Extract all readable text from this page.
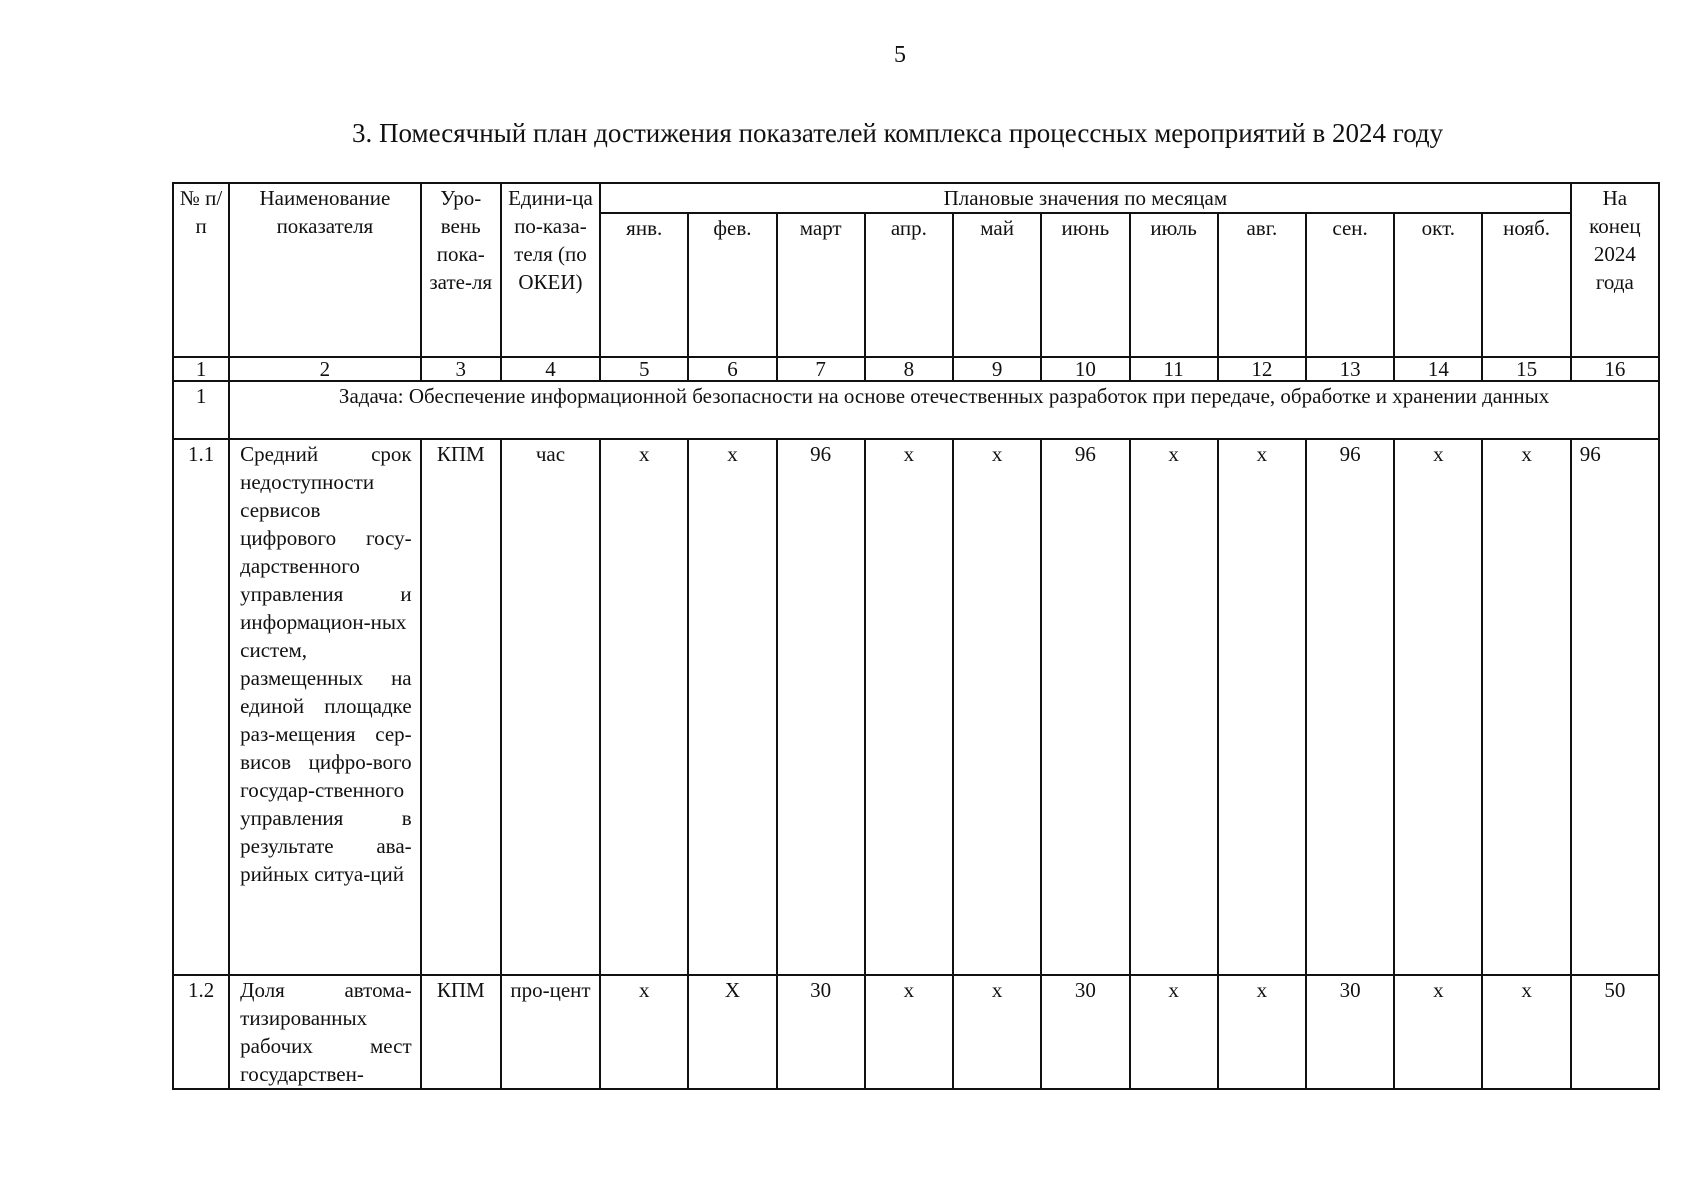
5
3. Помесячный план достижения показателей комплекса процессных мероприятий в 2024 году
№ п/п	Наименование показателя	Уро-вень пока-зате-ля	Едини-ца по-каза-теля (по ОКЕИ)	Плановые значения по месяцам											На конец 2024 года
				янв.	фев.	март	апр.	май	июнь	июль	авг.	сен.	окт.	нояб.	
1	2	3	4	5	6	7	8	9	10	11	12	13	14	15	16
1	Задача: Обеспечение информационной безопасности на основе отечественных разработок при передаче, обработке и хранении данных														
1.1	Средний срок недоступности сервисов цифрового госу-дарственного управления и информацион-ных систем, размещенных на единой площадке раз-мещения сер-висов цифро-вого государ-ственного управления в результате ава-рийных ситуа-ций	КПМ	час	x	x	96	x	x	96	x	x	96	x	x	96
1.2	Доля автома-тизированных рабочих мест государствен-	КПМ	про-цент	x	X	30	x	x	30	x	x	30	x	x	50
